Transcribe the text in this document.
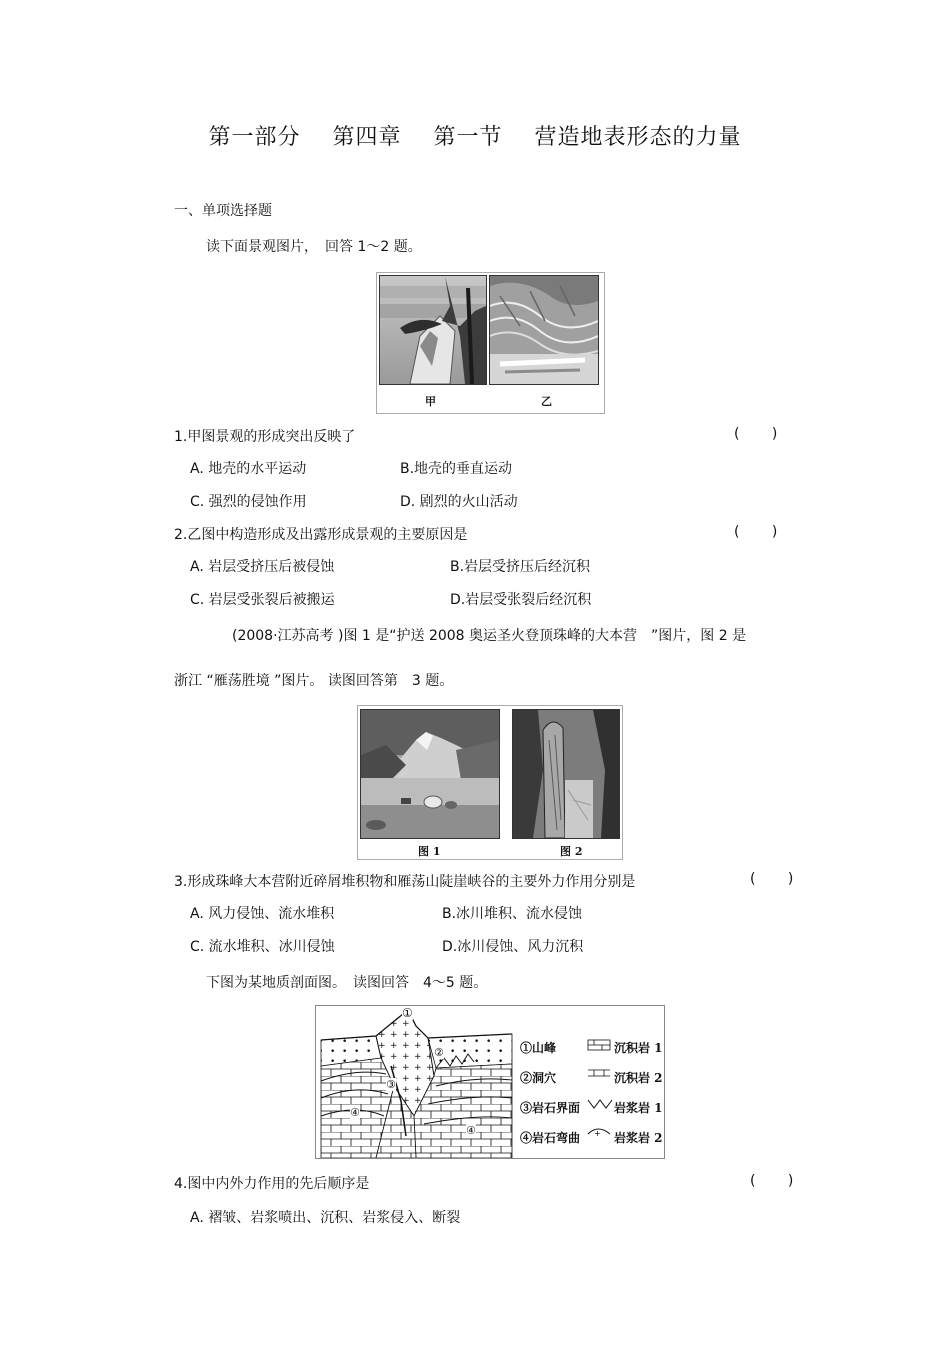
第一部分 第四章 第一节 营造地表形态的力量
一、单项选择题
读下面景观图片，　回答 1～2 题。
甲	乙
1.甲图景观的形成突出反映了	( )
A. 地壳的水平运动	B.地壳的垂直运动
C. 强烈的侵蚀作用	D. 剧烈的火山活动
2.乙图中构造形成及出露形成景观的主要原因是	( )
A. 岩层受挤压后被侵蚀	B.岩层受挤压后经沉积
C. 岩层受张裂后被搬运	D.岩层受张裂后经沉积
(2008·江苏高考 )图 1 是“护送 2008 奥运圣火登顶珠峰的大本营　”图片，图 2 是
浙江 “雁荡胜境 ”图片。 读图回答第　3 题。
图 1	图 2
3.形成珠峰大本营附近碎屑堆积物和雁荡山陡崖峡谷的主要外力作用分别是	( )
A. 风力侵蚀、流水堆积	B.冰川堆积、流水侵蚀
C. 流水堆积、冰川侵蚀	D.冰川侵蚀、风力沉积
下图为某地质剖面图。　读图回答　4～5 题。
①
②
③
④
④
①山峰
②洞穴
③岩石界面
④岩石弯曲 +
沉积岩 1
沉积岩 2
岩浆岩 1
岩浆岩 2
4.图中内外力作用的先后顺序是	( )
A. 褶皱、岩浆喷出、沉积、岩浆侵入、断裂
